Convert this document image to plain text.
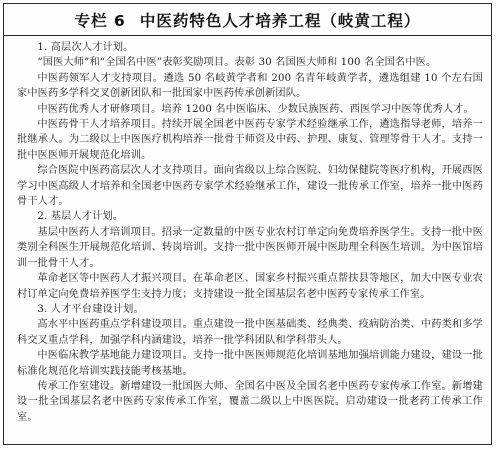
专栏 6 中医药特色人才培养工程（岐黄工程）

1. 高层次人才计划。

“国医大师”和“全国名中医”表彰奖励项目。表彰 30 名国医大师和 100 名全国名中医。

中医药领军人才支持项目。遴选 50 名岐黄学者和 200 名青年岐黄学者，遴选组建 10 个左右国家中医药多学科交叉创新团队和一批国家中医药传承创新团队。

中医药优秀人才研修项目。培养 1200 名中医临床、少数民族医药、西医学习中医等优秀人才。

中医药骨干人才培养项目。持续开展全国老中医药专家学术经验继承工作，遴选指导老师，培养一批继承人。为二级以上中医医疗机构培养一批骨干师资及中药、护理、康复、管理等骨干人才。支持一批中医医师开展规范化培训。

综合医院中医药高层次人才支持项目。面向省级以上综合医院、妇幼保健院等医疗机构，开展西医学习中医高级人才培养和全国老中医药专家学术经验继承工作，建设一批传承工作室，培养一批中医药骨干人才。

2. 基层人才计划。

基层中医药人才培训项目。招录一定数量的中医专业农村订单定向免费培养医学生。支持一批中医类别全科医生开展规范化培训、转岗培训。支持一批中医医师开展中医助理全科医生培训。为中医馆培训一批骨干人才。

革命老区等中医药人才振兴项目。在革命老区、国家乡村振兴重点帮扶县等地区，加大中医专业农村订单定向免费培养医学生支持力度；支持建设一批全国基层名老中医药专家传承工作室。

3. 人才平台建设计划。

高水平中医药重点学科建设项目。重点建设一批中医基础类、经典类、疫病防治类、中药类和多学科交叉重点学科，加强学科内涵建设，培养一批学科团队和学科带头人。

中医临床教学基地能力建设项目。支持一批中医医师规范化培训基地加强培训能力建设，建设一批标准化规范化培训实践技能考核基地。

传承工作室建设。新增建设一批国医大师、全国名中医及全国名老中医药专家传承工作室。新增建设一批全国基层名老中医药专家传承工作室，覆盖二级以上中医医院。启动建设一批老药工传承工作室。
